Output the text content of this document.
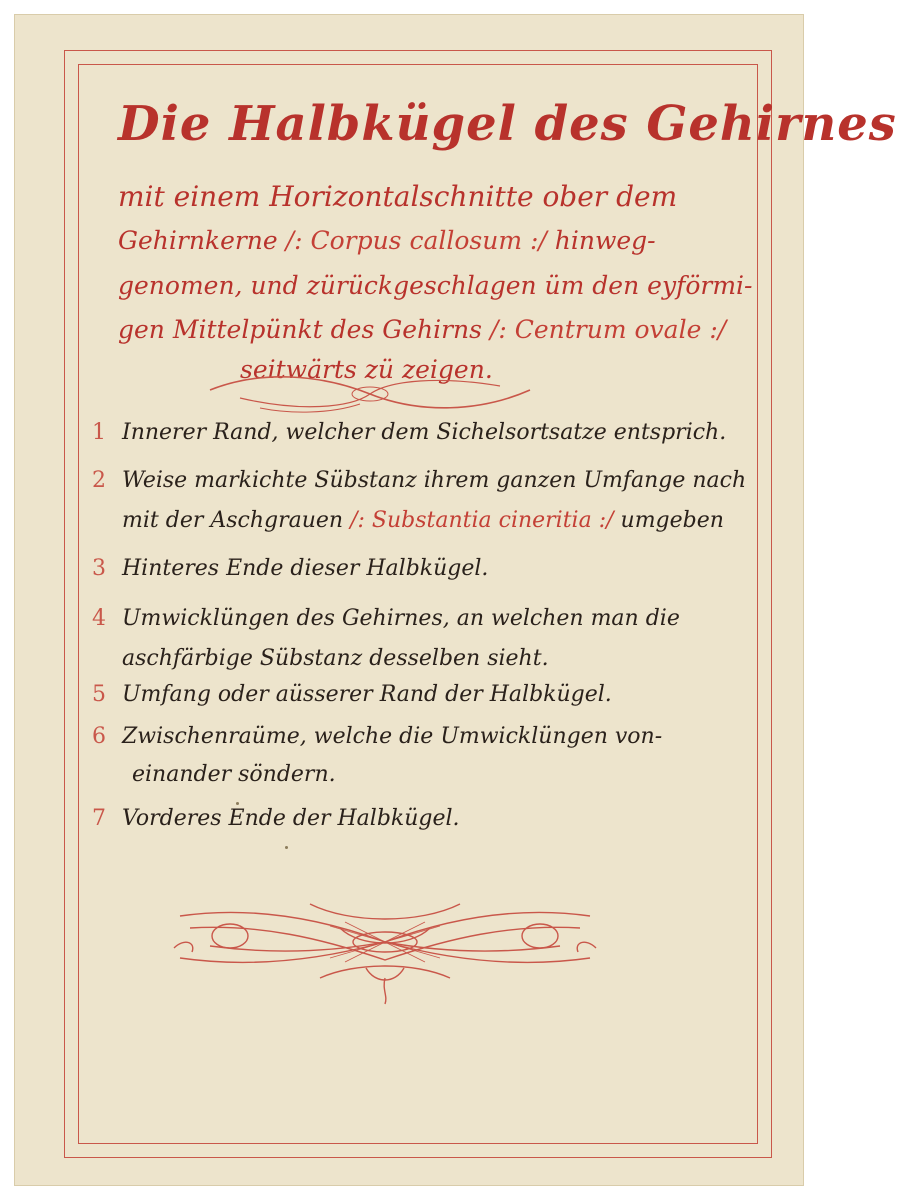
Die Halbkügel des Gehirnes
mit einem Horizontalschnitte ober dem
Gehirnkerne /: Corpus callosum :/ hinweg-
genomen, und zürückgeschlagen üm den eyförmi-
gen Mittelpünkt des Gehirns /: Centrum ovale :/
seitwärts zü zeigen.
1 Innerer Rand, welcher dem Sichelsortsatze entsprich.
2 Weise markichte Sübstanz ihrem ganzen Umfange nach
mit der Aschgrauen /: Substantia cineritia :/ umgeben
3 Hinteres Ende dieser Halbkügel.
4 Umwicklüngen des Gehirnes, an welchen man die
aschfärbige Sübstanz desselben sieht.
5 Umfang oder aüsserer Rand der Halbkügel.
6 Zwischenraüme, welche die Umwicklüngen von-
einander söndern.
7 Vorderes Ende der Halbkügel.
